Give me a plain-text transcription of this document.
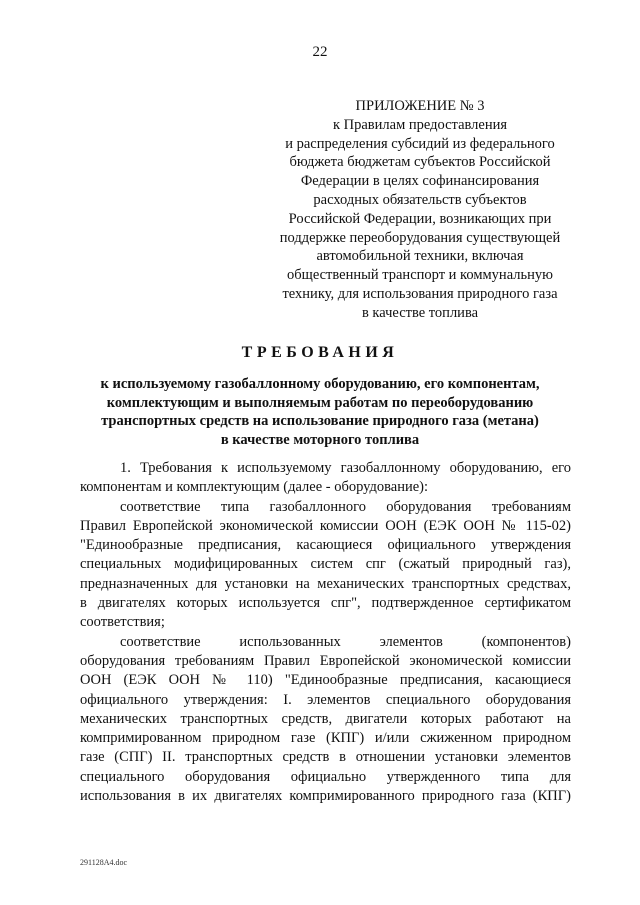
22
ПРИЛОЖЕНИЕ № 3
к Правилам предоставления
и распределения субсидий из федерального
бюджета бюджетам субъектов Российской
Федерации в целях софинансирования
расходных обязательств субъектов
Российской Федерации, возникающих при
поддержке переоборудования существующей
автомобильной техники, включая
общественный транспорт и коммунальную
технику, для использования природного газа
в качестве топлива
ТРЕБОВАНИЯ
к используемому газобаллонному оборудованию, его компонентам,
комплектующим и выполняемым работам по переоборудованию
транспортных средств на использование природного газа (метана)
в качестве моторного топлива
1. Требования к используемому газобаллонному оборудованию, его
компонентам и комплектующим (далее - оборудование):
соответствие типа газобаллонного оборудования требованиям
Правил Европейской экономической комиссии ООН (ЕЭК ООН № 115-02)
"Единообразные предписания, касающиеся официального утверждения
специальных модифицированных систем спг (сжатый природный газ),
предназначенных для установки на механических транспортных средствах,
в двигателях которых используется спг", подтвержденное сертификатом
соответствия;
соответствие использованных элементов (компонентов)
оборудования требованиям Правил Европейской экономической комиссии
ООН (ЕЭК ООН № 110) "Единообразные предписания, касающиеся
официального утверждения: I. элементов специального оборудования
механических транспортных средств, двигатели которых работают на
компримированном природном газе (КПГ) и/или сжиженном природном
газе (СПГ) II. транспортных средств в отношении установки элементов
специального оборудования официально утвержденного типа для
использования в их двигателях компримированного природного газа (КПГ)
291128A4.doc
